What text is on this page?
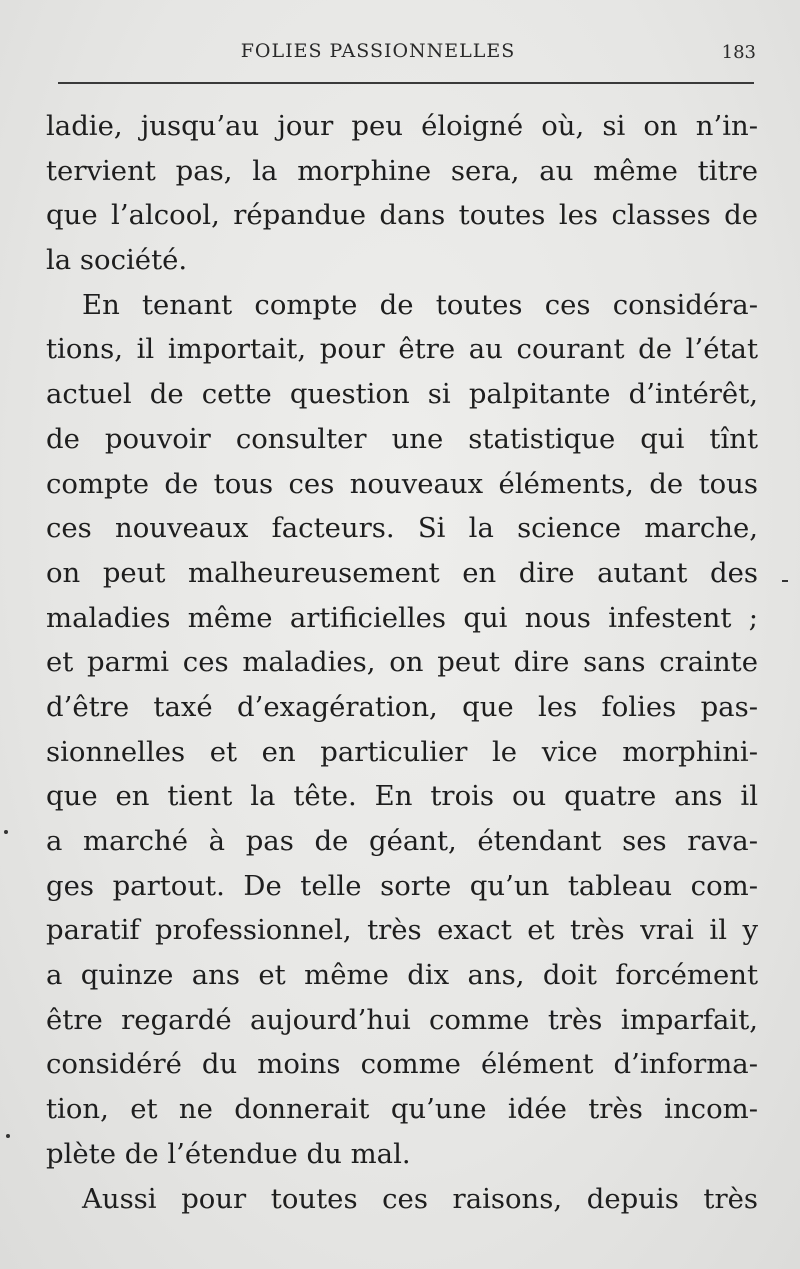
FOLIES PASSIONNELLES	183
ladie, jusqu’au jour peu éloigné où, si on n’in-
tervient pas, la morphine sera, au même titre
que l’alcool, répandue dans toutes les classes de
la société.
En tenant compte de toutes ces considéra-
tions, il importait, pour être au courant de l’état
actuel de cette question si palpitante d’intérêt,
de pouvoir consulter une statistique qui tînt
compte de tous ces nouveaux éléments, de tous
ces nouveaux facteurs. Si la science marche,
on peut malheureusement en dire autant des
maladies même artificielles qui nous infestent ;
et parmi ces maladies, on peut dire sans crainte
d’être taxé d’exagération, que les folies pas-
sionnelles et en particulier le vice morphini-
que en tient la tête. En trois ou quatre ans il
a marché à pas de géant, étendant ses rava-
ges partout. De telle sorte qu’un tableau com-
paratif professionnel, très exact et très vrai il y
a quinze ans et même dix ans, doit forcément
être regardé aujourd’hui comme très imparfait,
considéré du moins comme élément d’informa-
tion, et ne donnerait qu’une idée très incom-
plète de l’étendue du mal.
Aussi pour toutes ces raisons, depuis très
